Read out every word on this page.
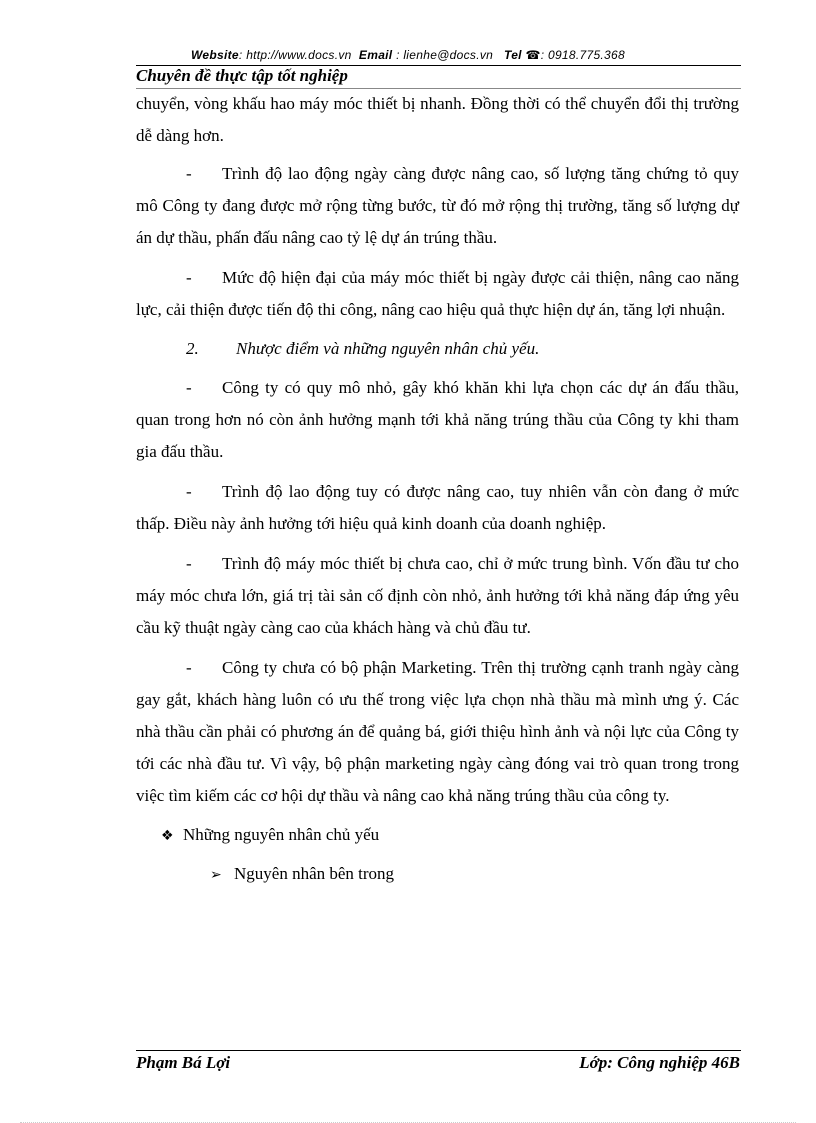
Website: http://www.docs.vn Email : lienhe@docs.vn Tel ☎: 0918.775.368
Chuyên đề thực tập tốt nghiệp

chuyển, vòng khấu hao máy móc thiết bị nhanh. Đồng thời có thể chuyển đổi thị trường dễ dàng hơn.

- Trình độ lao động ngày càng được nâng cao, số lượng tăng chứng tỏ quy mô Công ty đang được mở rộng từng bước, từ đó mở rộng thị trường, tăng số lượng dự án dự thầu, phấn đấu nâng cao tỷ lệ dự án trúng thầu.

- Mức độ hiện đại của máy móc thiết bị ngày được cải thiện, nâng cao năng lực, cải thiện được tiến độ thi công, nâng cao hiệu quả thực hiện dự án, tăng lợi nhuận.

2. Nhược điểm và những nguyên nhân chủ yếu.

- Công ty có quy mô nhỏ, gây khó khăn khi lựa chọn các dự án đấu thầu, quan trong hơn nó còn ảnh hưởng mạnh tới khả năng trúng thầu của Công ty khi tham gia đấu thầu.

- Trình độ lao động tuy có được nâng cao, tuy nhiên vẫn còn đang ở mức thấp. Điều này ảnh hưởng tới hiệu quả kinh doanh của doanh nghiệp.

- Trình độ máy móc thiết bị chưa cao, chỉ ở mức trung bình. Vốn đầu tư cho máy móc chưa lớn, giá trị tài sản cố định còn nhỏ, ảnh hưởng tới khả năng đáp ứng yêu cầu kỹ thuật ngày càng cao của khách hàng và chủ đầu tư.

- Công ty chưa có bộ phận Marketing. Trên thị trường cạnh tranh ngày càng gay gắt, khách hàng luôn có ưu thế trong việc lựa chọn nhà thầu mà mình ưng ý. Các nhà thầu cần phải có phương án để quảng bá, giới thiệu hình ảnh và nội lực của Công ty tới các nhà đầu tư. Vì vậy, bộ phận marketing ngày càng đóng vai trò quan trong trong việc tìm kiếm các cơ hội dự thầu và nâng cao khả năng trúng thầu của công ty.

❖ Những nguyên nhân chủ yếu
➢ Nguyên nhân bên trong
Phạm Bá Lợi	Lớp: Công nghiệp 46B
